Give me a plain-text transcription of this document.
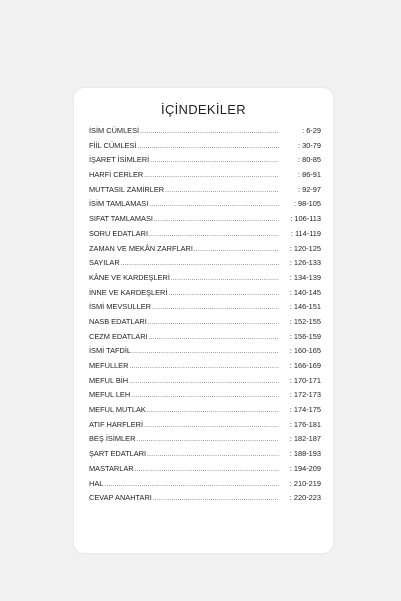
İÇİNDEKİLER
İSİM CÜMLESİ .....	: 6-29
FİİL CÜMLESİ .....	: 30-79
İŞARET İSİMLERİ .....	: 80-85
HARFİ CERLER .....	: 86-91
MUTTASIL ZAMİRLER .....	: 92-97
İSİM TAMLAMASI .....	: 98-105
SIFAT TAMLAMASI .....	: 106-113
SORU EDATLARI .....	: 114-119
ZAMAN VE MEKÂN ZARFLARI .....	: 120-125
SAYILAR .....	: 126-133
KÂNE VE KARDEŞLERİ .....	: 134-139
İNNE VE KARDEŞLERİ .....	: 140-145
İSMİ MEVSULLER .....	: 146-151
NASB EDATLARI .....	: 152-155
CEZM EDATLARI .....	: 156-159
İSMİ TAFDİL .....	: 160-165
MEFULLER .....	: 166-169
MEFUL BİH .....	: 170-171
MEFUL LEH .....	: 172-173
MEFUL MUTLAK .....	: 174-175
ATIF HARFLERİ .....	: 176-181
BEŞ İSİMLER .....	: 182-187
ŞART EDATLARI .....	: 188-193
MASTARLAR .....	: 194-209
HAL .....	: 210-219
CEVAP ANAHTARI .....	: 220-223
